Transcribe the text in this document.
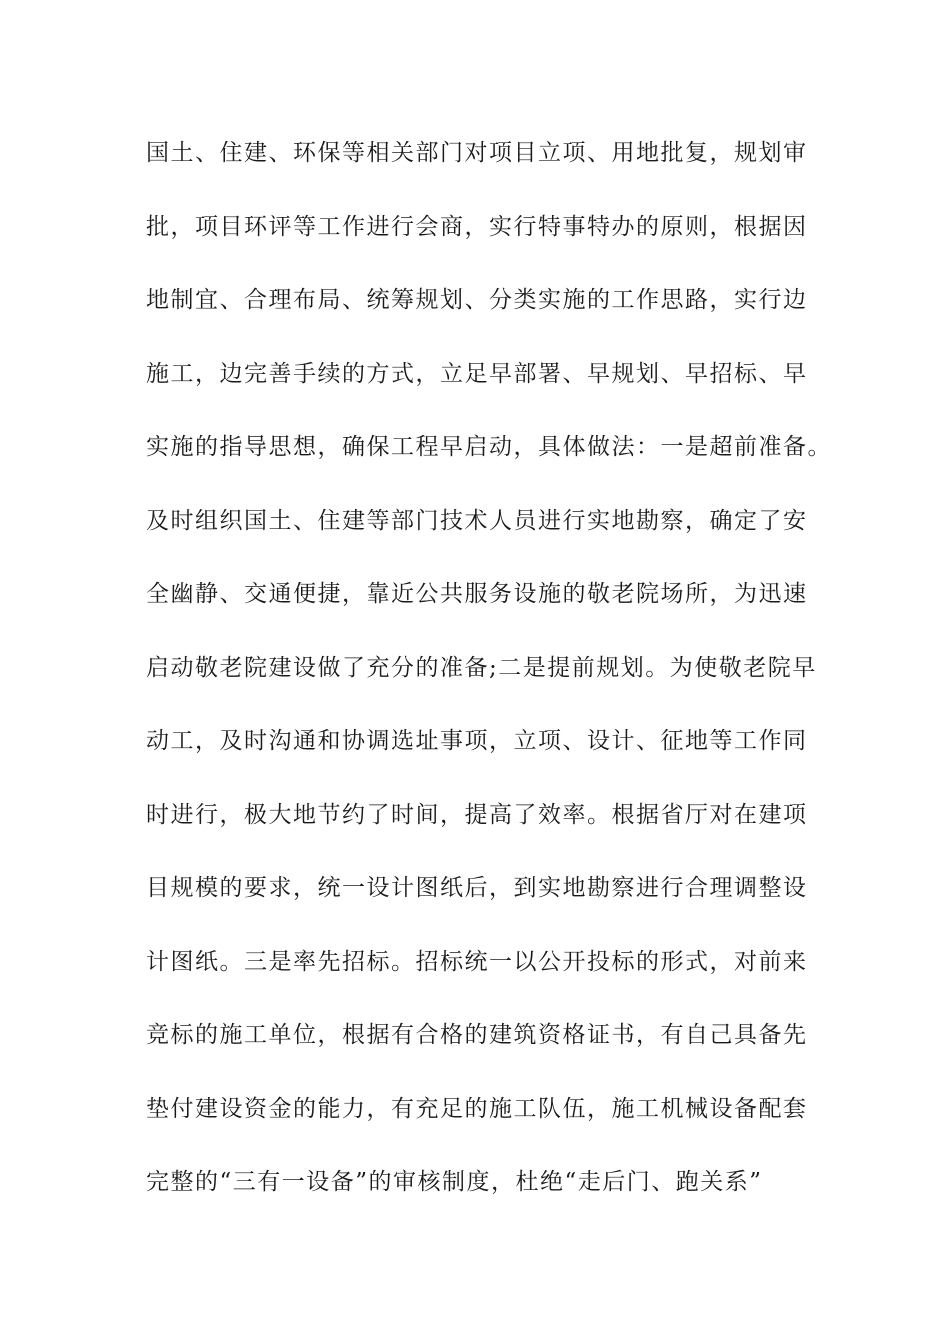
国土、住建、环保等相关部门对项目立项、用地批复，规划审
批，项目环评等工作进行会商，实行特事特办的原则，根据因
地制宜、合理布局、统筹规划、分类实施的工作思路，实行边
施工，边完善手续的方式，立足早部署、早规划、早招标、早
实施的指导思想，确保工程早启动，具体做法：一是超前准备。
及时组织国土、住建等部门技术人员进行实地勘察，确定了安
全幽静、交通便捷，靠近公共服务设施的敬老院场所，为迅速
启动敬老院建设做了充分的准备;二是提前规划。为使敬老院早
动工，及时沟通和协调选址事项，立项、设计、征地等工作同
时进行，极大地节约了时间，提高了效率。根据省厅对在建项
目规模的要求，统一设计图纸后，到实地勘察进行合理调整设
计图纸。三是率先招标。招标统一以公开投标的形式，对前来
竞标的施工单位，根据有合格的建筑资格证书，有自己具备先
垫付建设资金的能力，有充足的施工队伍，施工机械设备配套
完整的“三有一设备”的审核制度，杜绝“走后门、跑关系”
